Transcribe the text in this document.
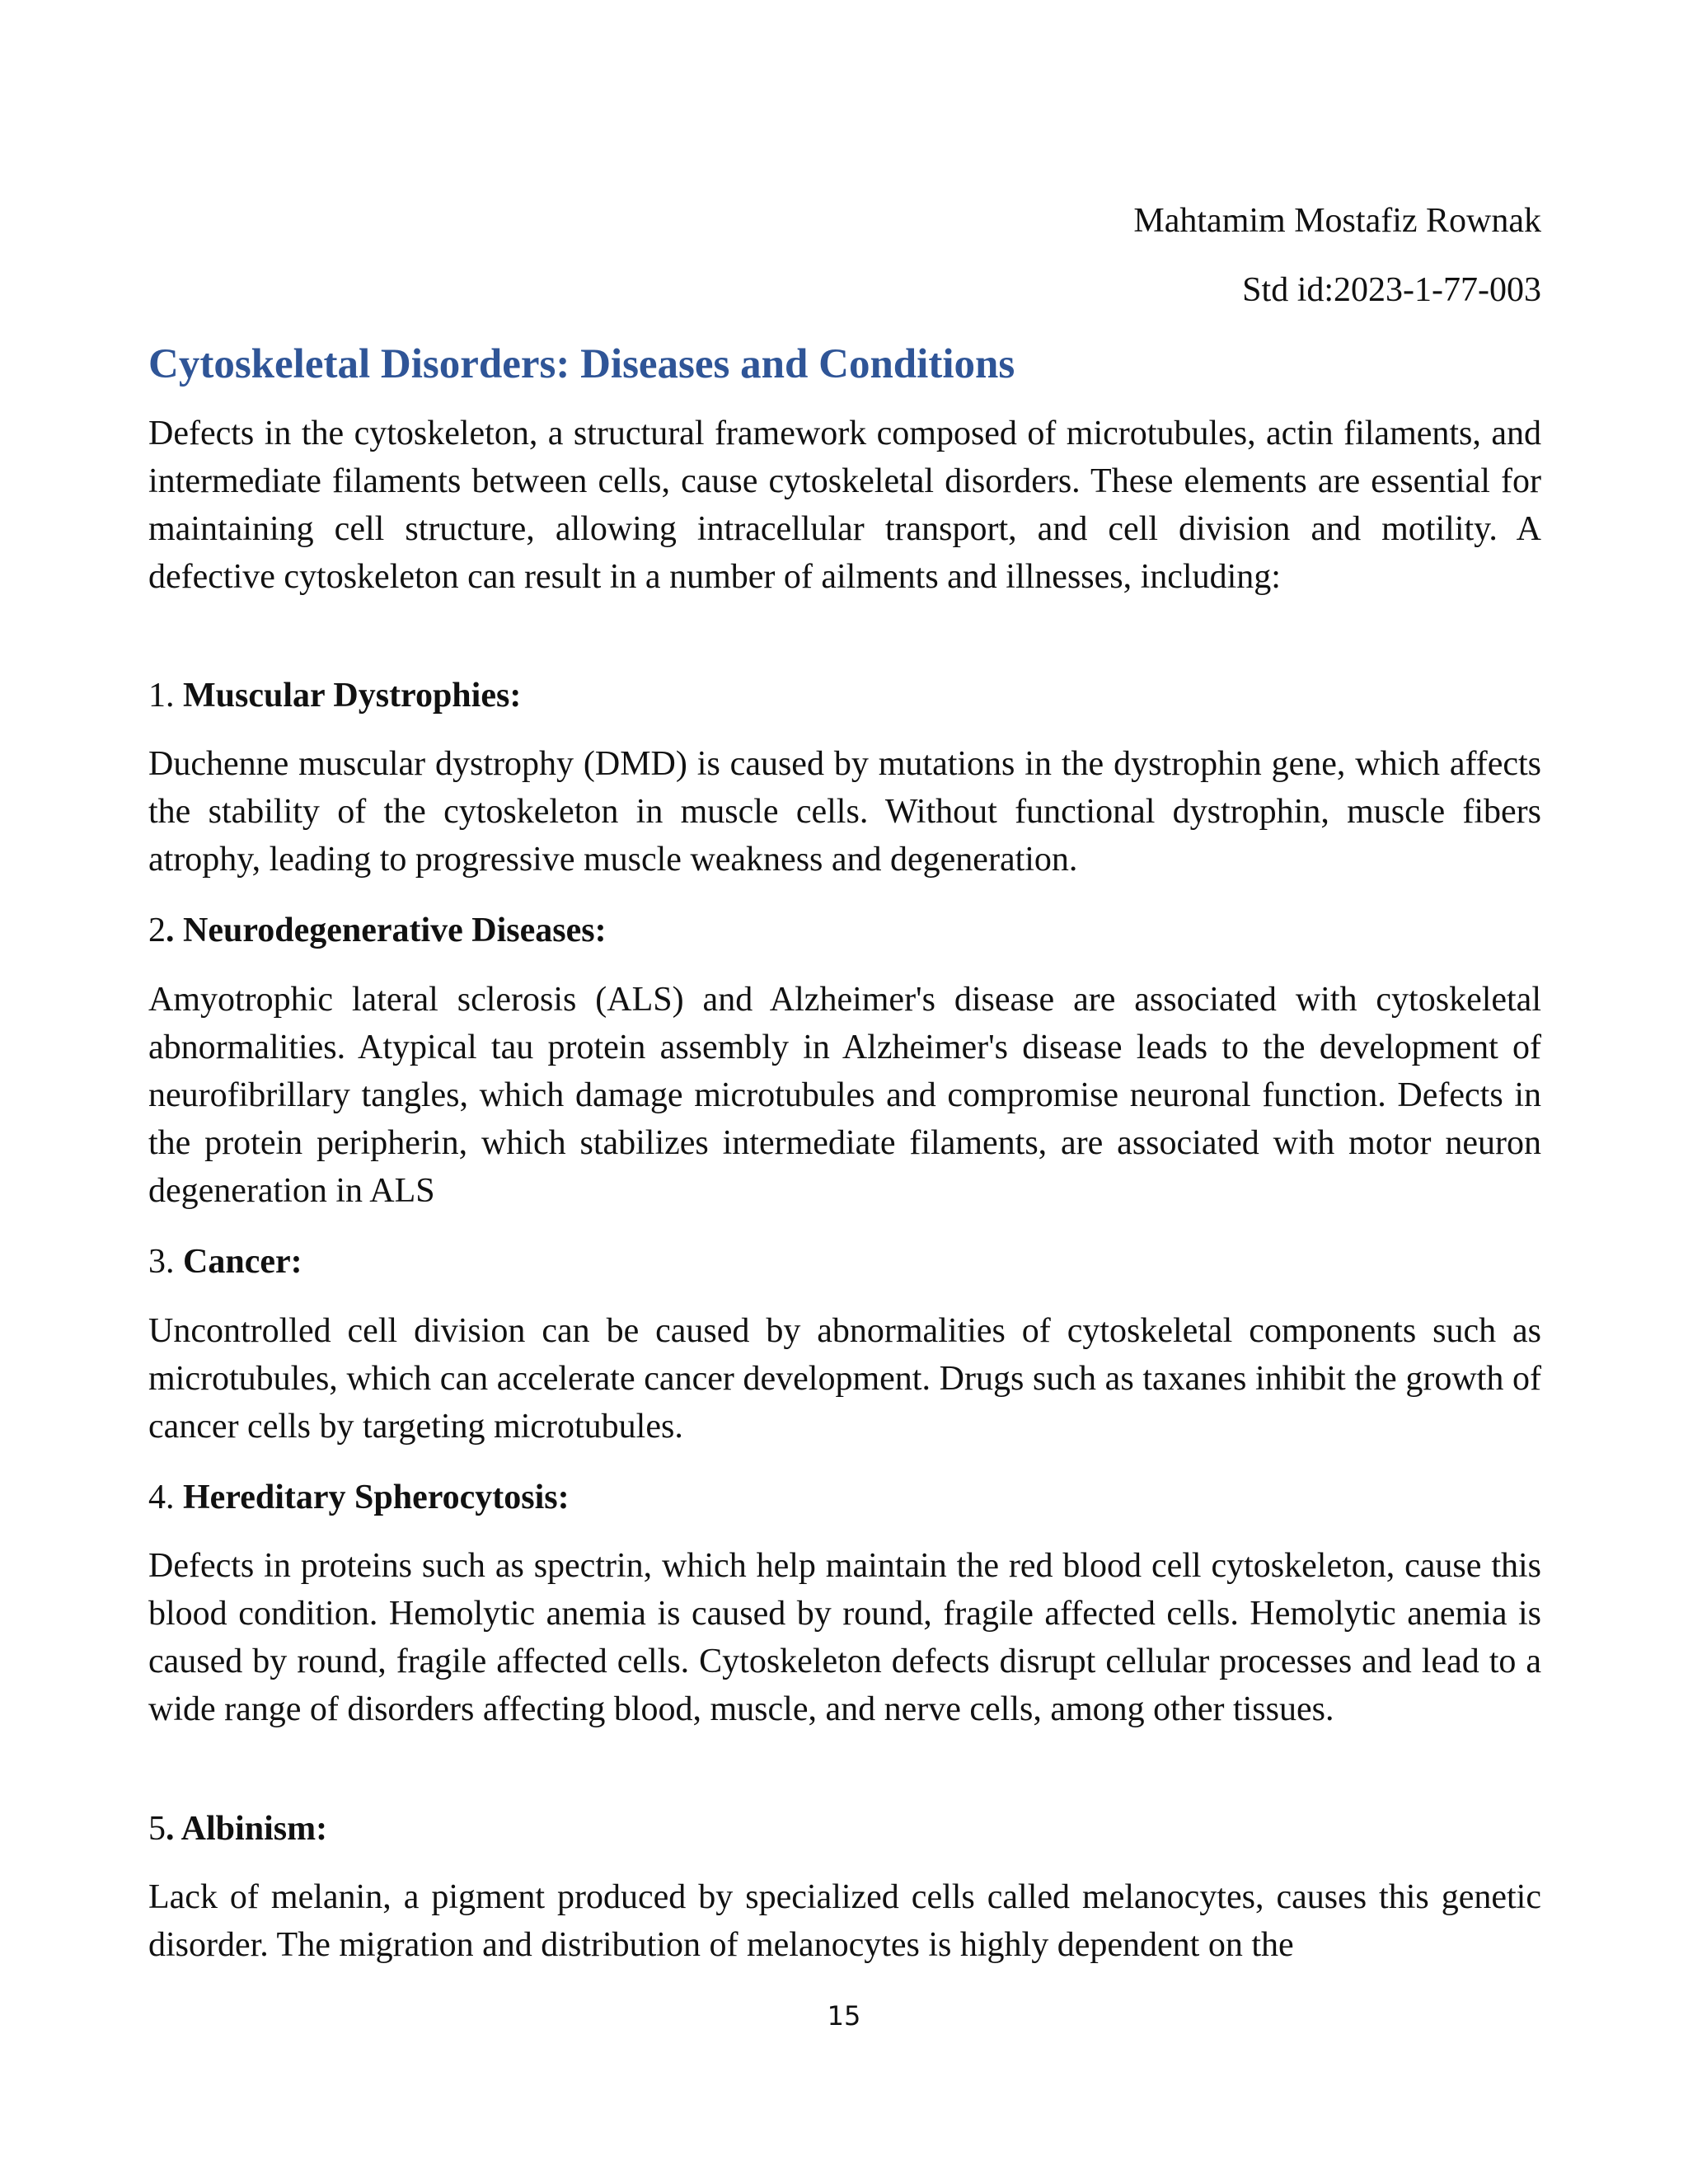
Mahtamim Mostafiz Rownak
Std id:2023-1-77-003
Cytoskeletal Disorders: Diseases and Conditions

Defects in the cytoskeleton, a structural framework composed of microtubules, actin filaments, and intermediate filaments between cells, cause cytoskeletal disorders. These elements are essential for maintaining cell structure, allowing intracellular transport, and cell division and motility. A defective cytoskeleton can result in a number of ailments and illnesses, including:

1. Muscular Dystrophies:

Duchenne muscular dystrophy (DMD) is caused by mutations in the dystrophin gene, which affects the stability of the cytoskeleton in muscle cells. Without functional dystrophin, muscle fibers atrophy, leading to progressive muscle weakness and degeneration.

2. Neurodegenerative Diseases:

Amyotrophic lateral sclerosis (ALS) and Alzheimer's disease are associated with cytoskeletal abnormalities. Atypical tau protein assembly in Alzheimer's disease leads to the development of neurofibrillary tangles, which damage microtubules and compromise neuronal function. Defects in the protein peripherin, which stabilizes intermediate filaments, are associated with motor neuron degeneration in ALS

3. Cancer:

Uncontrolled cell division can be caused by abnormalities of cytoskeletal components such as microtubules, which can accelerate cancer development. Drugs such as taxanes inhibit the growth of cancer cells by targeting microtubules.

4. Hereditary Spherocytosis:

Defects in proteins such as spectrin, which help maintain the red blood cell cytoskeleton, cause this blood condition. Hemolytic anemia is caused by round, fragile affected cells. Hemolytic anemia is caused by round, fragile affected cells. Cytoskeleton defects disrupt cellular processes and lead to a wide range of disorders affecting blood, muscle, and nerve cells, among other tissues.

5. Albinism:

Lack of melanin, a pigment produced by specialized cells called melanocytes, causes this genetic disorder. The migration and distribution of melanocytes is highly dependent on the

15
